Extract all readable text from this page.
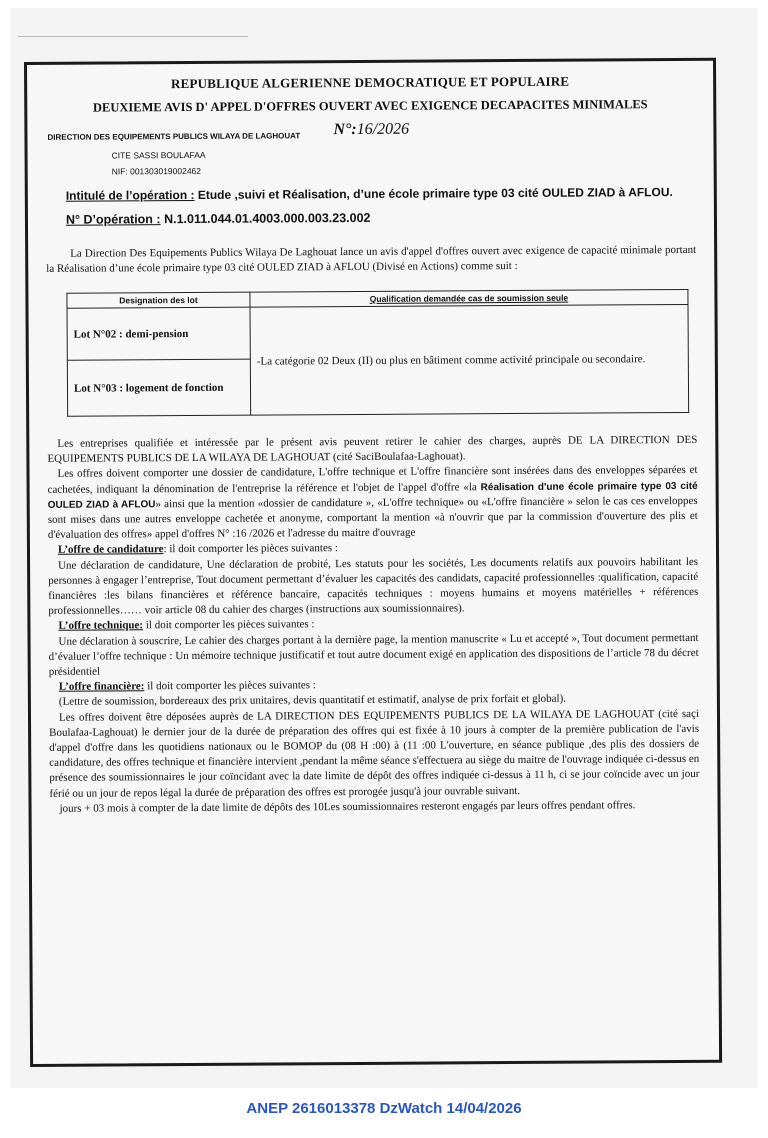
REPUBLIQUE ALGERIENNE DEMOCRATIQUE ET POPULAIRE
DEUXIEME AVIS D' APPEL D'OFFRES OUVERT AVEC EXIGENCE DECAPACITES MINIMALES
DIRECTION DES EQUIPEMENTS PUBLICS WILAYA DE LAGHOUAT N°:16/2026
CITE SASSI BOULAFAA
NIF: 001303019002462
Intitulé de l’opération : Etude ,suivi et Réalisation, d’une école primaire type 03 cité OULED ZIAD à AFLOU.
N° D’opération : N.1.011.044.01.4003.000.003.23.002
La Direction Des Equipements Publics Wilaya De Laghouat lance un avis d'appel d'offres ouvert avec exigence de capacité minimale portant la Réalisation d’une école primaire type 03 cité OULED ZIAD à AFLOU (Divisé en Actions) comme suit :
Designation des lot	Qualification demandée cas de soumission seule
Lot N°02 : demi-pension	-La catégorie 02 Deux (II) ou plus en bâtiment comme activité principale ou secondaire.
Lot N°03 : logement de fonction	

Les entreprises qualifiée et intéressée par le présent avis peuvent retirer le cahier des charges, auprès DE LA DIRECTION DES EQUIPEMENTS PUBLICS DE LA WILAYA DE LAGHOUAT (cité SaciBoulafaa-Laghouat).

Les offres doivent comporter une dossier de candidature, L'offre technique et L'offre financière sont insérées dans des enveloppes séparées et cachetées, indiquant la dénomination de l'entreprise la référence et l'objet de l'appel d'offre «la Réalisation d'une école primaire type 03 cité OULED ZIAD à AFLOU» ainsi que la mention «dossier de candidature », «L'offre technique» ou «L'offre financière » selon le cas ces enveloppes sont mises dans une autres enveloppe cachetée et anonyme, comportant la mention «à n'ouvrir que par la commission d'ouverture des plis et d'évaluation des offres» appel d'offres N° :16 /2026 et l'adresse du maitre d'ouvrage

L’offre de candidature: il doit comporter les pièces suivantes :

Une déclaration de candidature, Une déclaration de probité, Les statuts pour les sociétés, Les documents relatifs aux pouvoirs habilitant les personnes à engager l’entreprise, Tout document permettant d’évaluer les capacités des candidats, capacité professionnelles :qualification, capacité financières :les bilans financières et référence bancaire, capacités techniques : moyens humains et moyens matérielles + références professionnelles…… voir article 08 du cahier des charges (instructions aux soumissionnaires).

L’offre technique: il doit comporter les pièces suivantes :

Une déclaration à souscrire, Le cahier des charges portant à la dernière page, la mention manuscrite « Lu et accepté », Tout document permettant d’évaluer l’offre technique : Un mémoire technique justificatif et tout autre document exigé en application des dispositions de l’article 78 du décret présidentiel

L’offre financière: il doit comporter les pièces suivantes :

(Lettre de soumission, bordereaux des prix unitaires, devis quantitatif et estimatif, analyse de prix forfait et global).

Les offres doivent être déposées auprès de LA DIRECTION DES EQUIPEMENTS PUBLICS DE LA WILAYA DE LAGHOUAT (cité saçi Boulafaa-Laghouat) le dernier jour de la durée de préparation des offres qui est fixée à 10 jours à compter de la première publication de l'avis d'appel d'offre dans les quotidiens nationaux ou le BOMOP du (08 H :00) à (11 :00 L'ouverture, en séance publique ,des plis des dossiers de candidature, des offres technique et financière intervient ,pendant la même séance s'effectuera au siège du maitre de l'ouvrage indiquée ci-dessus en présence des soumissionnaires le jour coïncidant avec la date limite de dépôt des offres indiquée ci-dessus à 11 h, ci se jour coïncide avec un jour férié ou un jour de repos légal la durée de préparation des offres est prorogée jusqu'à jour ouvrable suivant.

jours + 03 mois à compter de la date limite de dépôts des 10Les soumissionnaires resteront engagés par leurs offres pendant offres.

ANEP 2616013378 DzWatch 14/04/2026
